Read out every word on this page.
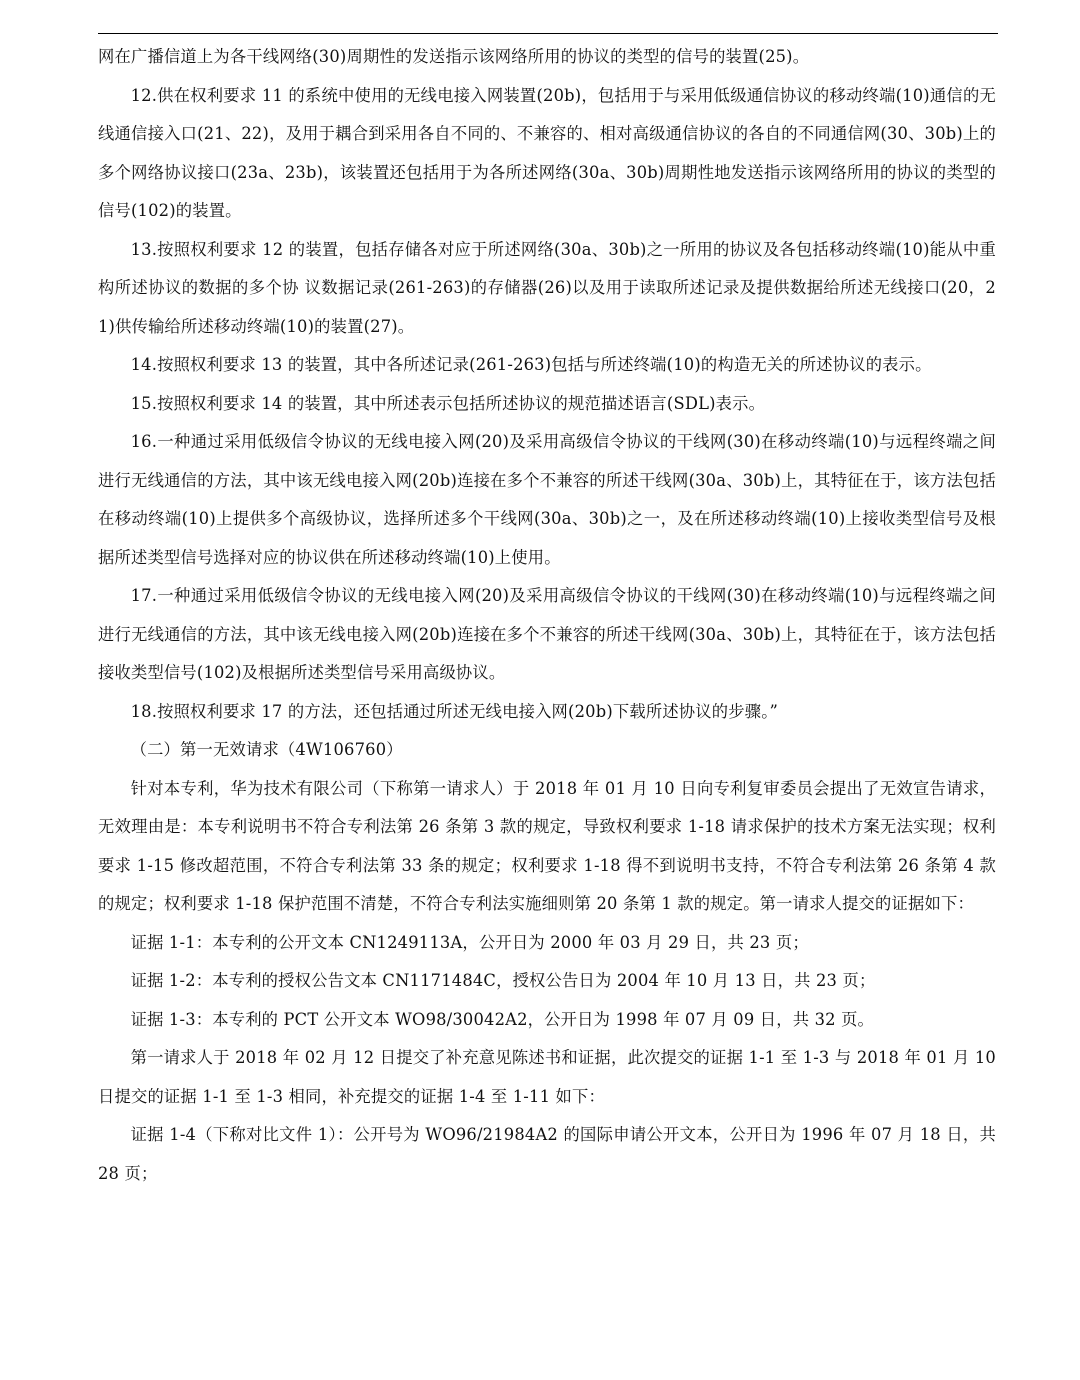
网在广播信道上为各干线网络(30)周期性的发送指示该网络所用的协议的类型的信号的装置(25)。

12.供在权利要求 11 的系统中使用的无线电接入网装置(20b)，包括用于与采用低级通信协议的移动终端(10)通信的无线通信接入口(21、22)，及用于耦合到采用各自不同的、不兼容的、相对高级通信协议的各自的不同通信网(30、30b)上的多个网络协议接口(23a、23b)，该装置还包括用于为各所述网络(30a、30b)周期性地发送指示该网络所用的协议的类型的信号(102)的装置。

13.按照权利要求 12 的装置，包括存储各对应于所述网络(30a、30b)之一所用的协议及各包括移动终端(10)能从中重构所述协议的数据的多个协 议数据记录(261-263)的存储器(26)以及用于读取所述记录及提供数据给所述无线接口(20，21)供传输给所述移动终端(10)的装置(27)。

14.按照权利要求 13 的装置，其中各所述记录(261-263)包括与所述终端(10)的构造无关的所述协议的表示。

15.按照权利要求 14 的装置，其中所述表示包括所述协议的规范描述语言(SDL)表示。

16.一种通过采用低级信令协议的无线电接入网(20)及采用高级信令协议的干线网(30)在移动终端(10)与远程终端之间进行无线通信的方法，其中该无线电接入网(20b)连接在多个不兼容的所述干线网(30a、30b)上，其特征在于，该方法包括在移动终端(10)上提供多个高级协议，选择所述多个干线网(30a、30b)之一，及在所述移动终端(10)上接收类型信号及根据所述类型信号选择对应的协议供在所述移动终端(10)上使用。

17.一种通过采用低级信令协议的无线电接入网(20)及采用高级信令协议的干线网(30)在移动终端(10)与远程终端之间进行无线通信的方法，其中该无线电接入网(20b)连接在多个不兼容的所述干线网(30a、30b)上，其特征在于，该方法包括接收类型信号(102)及根据所述类型信号采用高级协议。

18.按照权利要求 17 的方法，还包括通过所述无线电接入网(20b)下载所述协议的步骤。”

（二）第一无效请求（4W106760）

针对本专利，华为技术有限公司（下称第一请求人）于 2018 年 01 月 10 日向专利复审委员会提出了无效宣告请求，无效理由是：本专利说明书不符合专利法第 26 条第 3 款的规定，导致权利要求 1-18 请求保护的技术方案无法实现；权利要求 1-15 修改超范围，不符合专利法第 33 条的规定；权利要求 1-18 得不到说明书支持，不符合专利法第 26 条第 4 款的规定；权利要求 1-18 保护范围不清楚，不符合专利法实施细则第 20 条第 1 款的规定。第一请求人提交的证据如下：

证据 1-1：本专利的公开文本 CN1249113A，公开日为 2000 年 03 月 29 日，共 23 页；

证据 1-2：本专利的授权公告文本 CN1171484C，授权公告日为 2004 年 10 月 13 日，共 23 页；

证据 1-3：本专利的 PCT 公开文本 WO98/30042A2，公开日为 1998 年 07 月 09 日，共 32 页。

第一请求人于 2018 年 02 月 12 日提交了补充意见陈述书和证据，此次提交的证据 1-1 至 1-3 与 2018 年 01 月 10 日提交的证据 1-1 至 1-3 相同，补充提交的证据 1-4 至 1-11 如下：

证据 1-4（下称对比文件 1）：公开号为 WO96/21984A2 的国际申请公开文本，公开日为 1996 年 07 月 18 日，共 28 页；
